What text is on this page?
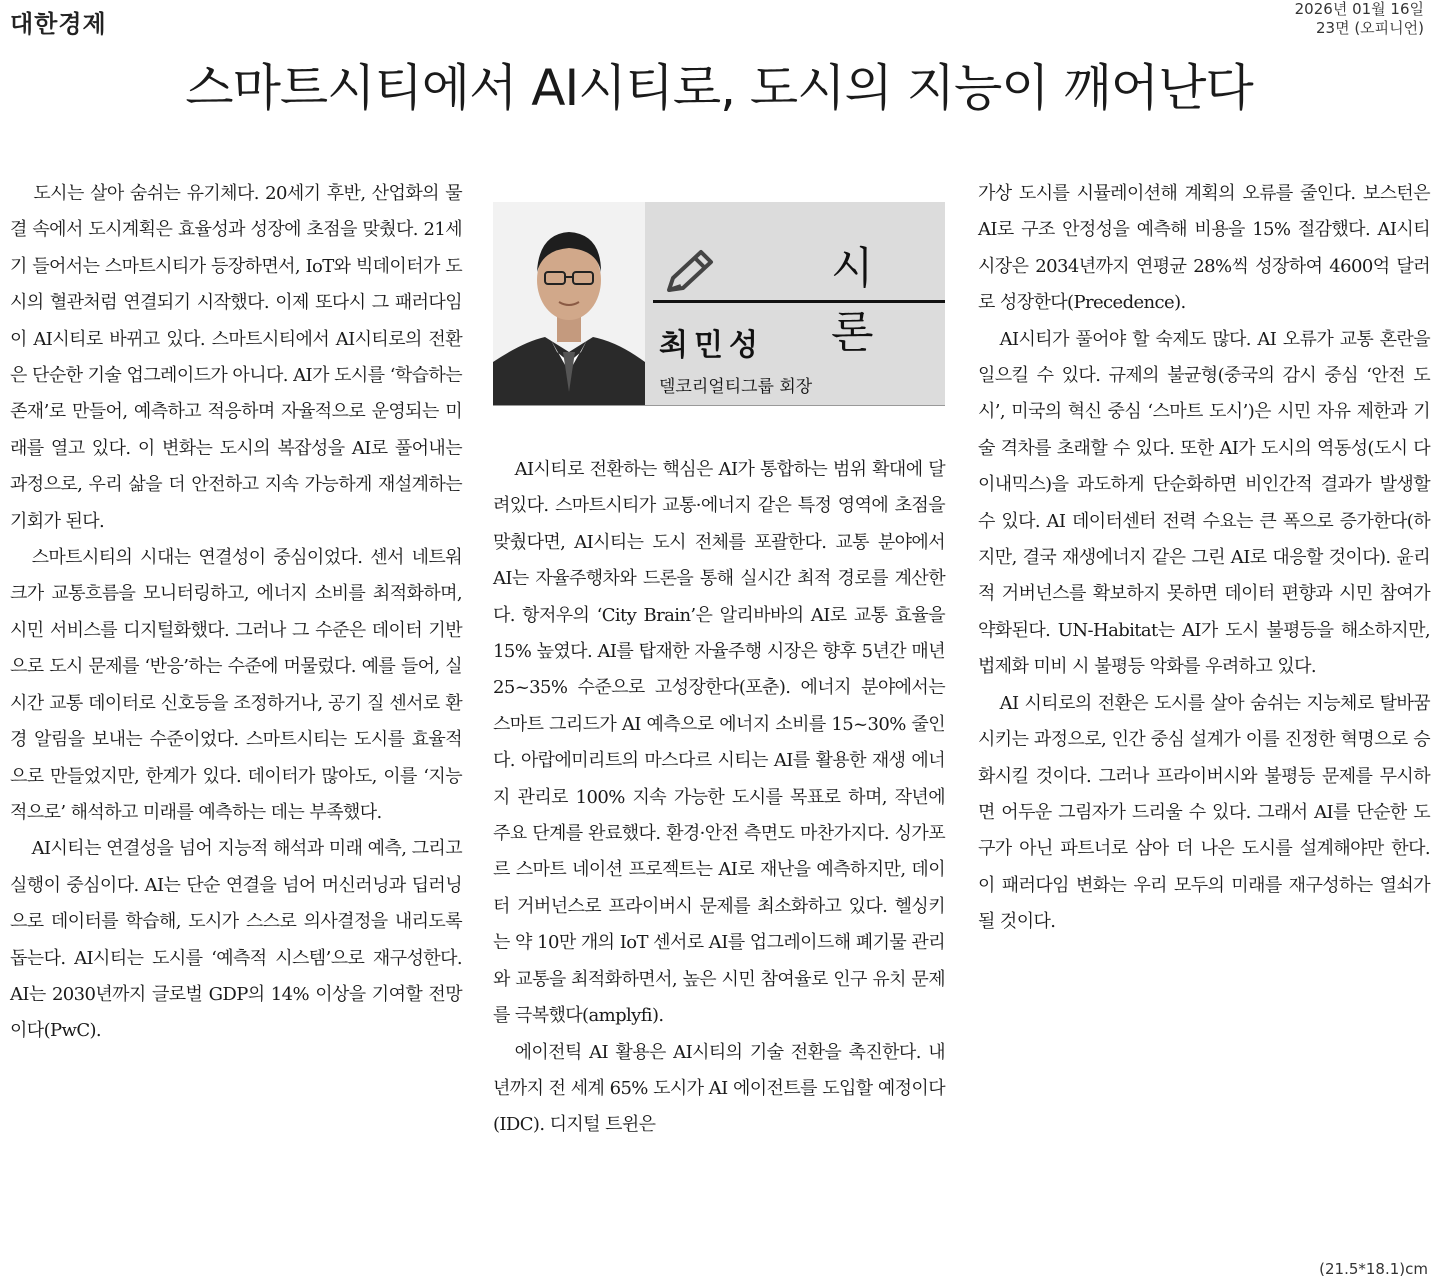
대한경제
2026년 01월 16일
23면 (오피니언)
스마트시티에서 AI시티로, 도시의 지능이 깨어난다

도시는 살아 숨쉬는 유기체다. 20세기 후반, 산업화의 물결 속에서 도시계획은 효율성과 성장에 초점을 맞췄다. 21세기 들어서는 스마트시티가 등장하면서, IoT와 빅데이터가 도시의 혈관처럼 연결되기 시작했다. 이제 또다시 그 패러다임이 AI시티로 바뀌고 있다. 스마트시티에서 AI시티로의 전환은 단순한 기술 업그레이드가 아니다. AI가 도시를 ‘학습하는 존재’로 만들어, 예측하고 적응하며 자율적으로 운영되는 미래를 열고 있다. 이 변화는 도시의 복잡성을 AI로 풀어내는 과정으로, 우리 삶을 더 안전하고 지속 가능하게 재설계하는 기회가 된다.

스마트시티의 시대는 연결성이 중심이었다. 센서 네트워크가 교통흐름을 모니터링하고, 에너지 소비를 최적화하며, 시민 서비스를 디지털화했다. 그러나 그 수준은 데이터 기반으로 도시 문제를 ‘반응’하는 수준에 머물렀다. 예를 들어, 실시간 교통 데이터로 신호등을 조정하거나, 공기 질 센서로 환경 알림을 보내는 수준이었다. 스마트시티는 도시를 효율적으로 만들었지만, 한계가 있다. 데이터가 많아도, 이를 ‘지능적으로’ 해석하고 미래를 예측하는 데는 부족했다.

AI시티는 연결성을 넘어 지능적 해석과 미래 예측, 그리고 실행이 중심이다. AI는 단순 연결을 넘어 머신러닝과 딥러닝으로 데이터를 학습해, 도시가 스스로 의사결정을 내리도록 돕는다. AI시티는 도시를 ‘예측적 시스템’으로 재구성한다. AI는 2030년까지 글로벌 GDP의 14% 이상을 기여할 전망이다(PwC).

시 론
최민성
델코리얼티그룹 회장

AI시티로 전환하는 핵심은 AI가 통합하는 범위 확대에 달려있다. 스마트시티가 교통·에너지 같은 특정 영역에 초점을 맞췄다면, AI시티는 도시 전체를 포괄한다. 교통 분야에서 AI는 자율주행차와 드론을 통해 실시간 최적 경로를 계산한다. 항저우의 ‘City Brain’은 알리바바의 AI로 교통 효율을 15% 높였다. AI를 탑재한 자율주행 시장은 향후 5년간 매년 25~35% 수준으로 고성장한다(포춘). 에너지 분야에서는 스마트 그리드가 AI 예측으로 에너지 소비를 15~30% 줄인다. 아랍에미리트의 마스다르 시티는 AI를 활용한 재생 에너지 관리로 100% 지속 가능한 도시를 목표로 하며, 작년에 주요 단계를 완료했다. 환경·안전 측면도 마찬가지다. 싱가포르 스마트 네이션 프로젝트는 AI로 재난을 예측하지만, 데이터 거버넌스로 프라이버시 문제를 최소화하고 있다. 헬싱키는 약 10만 개의 IoT 센서로 AI를 업그레이드해 폐기물 관리와 교통을 최적화하면서, 높은 시민 참여율로 인구 유치 문제를 극복했다(amplyfi).

에이전틱 AI 활용은 AI시티의 기술 전환을 촉진한다. 내년까지 전 세계 65% 도시가 AI 에이전트를 도입할 예정이다(IDC). 디지털 트윈은

가상 도시를 시뮬레이션해 계획의 오류를 줄인다. 보스턴은 AI로 구조 안정성을 예측해 비용을 15% 절감했다. AI시티 시장은 2034년까지 연평균 28%씩 성장하여 4600억 달러로 성장한다(Precedence).

AI시티가 풀어야 할 숙제도 많다. AI 오류가 교통 혼란을 일으킬 수 있다. 규제의 불균형(중국의 감시 중심 ‘안전 도시’, 미국의 혁신 중심 ‘스마트 도시’)은 시민 자유 제한과 기술 격차를 초래할 수 있다. 또한 AI가 도시의 역동성(도시 다이내믹스)을 과도하게 단순화하면 비인간적 결과가 발생할 수 있다. AI 데이터센터 전력 수요는 큰 폭으로 증가한다(하지만, 결국 재생에너지 같은 그린 AI로 대응할 것이다). 윤리적 거버넌스를 확보하지 못하면 데이터 편향과 시민 참여가 약화된다. UN-Habitat는 AI가 도시 불평등을 해소하지만, 법제화 미비 시 불평등 악화를 우려하고 있다.

AI 시티로의 전환은 도시를 살아 숨쉬는 지능체로 탈바꿈시키는 과정으로, 인간 중심 설계가 이를 진정한 혁명으로 승화시킬 것이다. 그러나 프라이버시와 불평등 문제를 무시하면 어두운 그림자가 드리울 수 있다. 그래서 AI를 단순한 도구가 아닌 파트너로 삼아 더 나은 도시를 설계해야만 한다. 이 패러다임 변화는 우리 모두의 미래를 재구성하는 열쇠가 될 것이다.

(21.5*18.1)cm
